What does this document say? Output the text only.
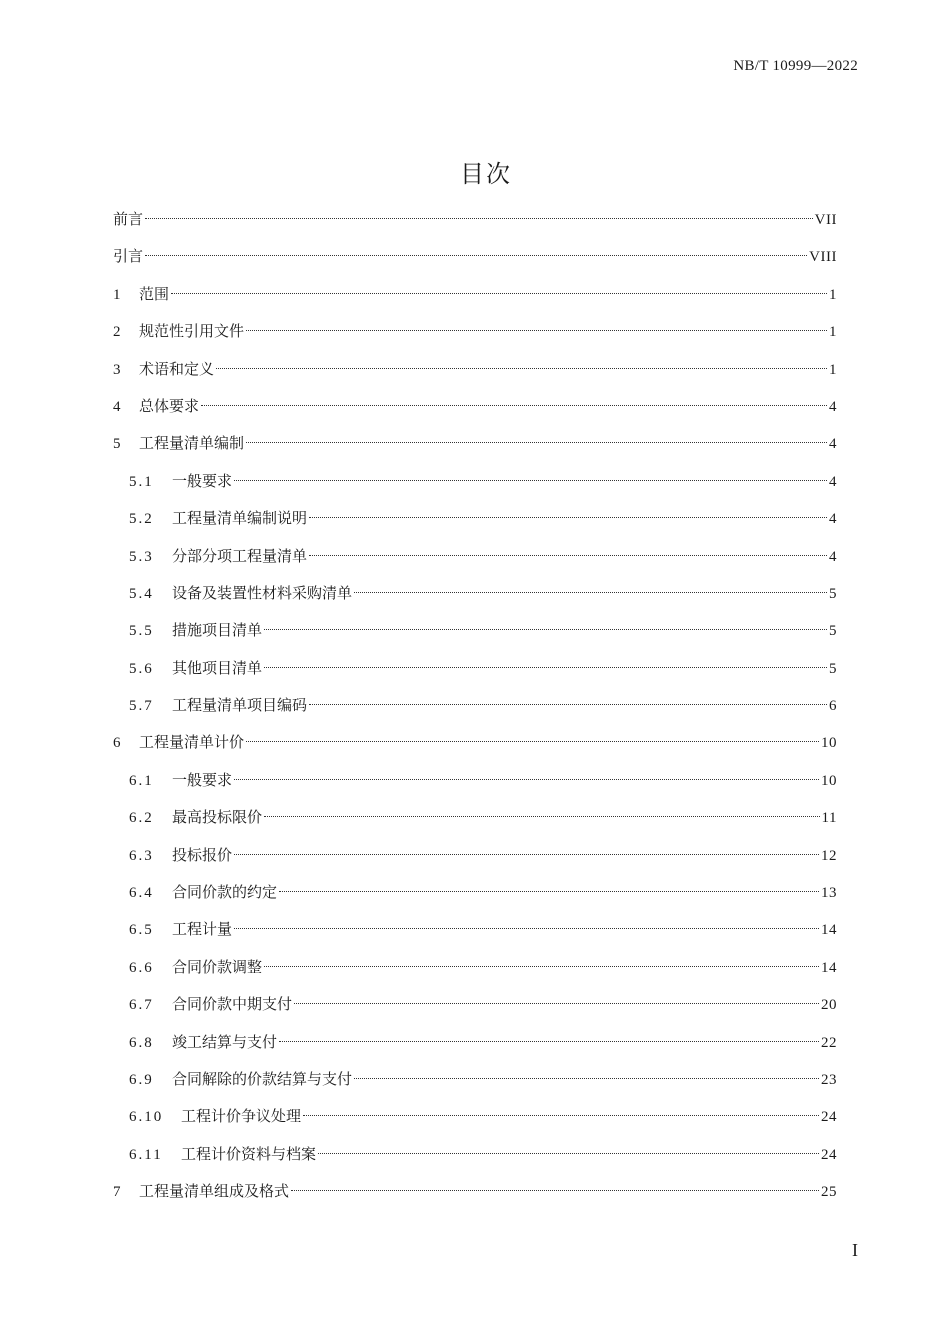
NB/T 10999—2022
目次
前言	VII
引言	VIII
1	范围	1
2	规范性引用文件	1
3	术语和定义	1
4	总体要求	4
5	工程量清单编制	4
5.1	一般要求	4
5.2	工程量清单编制说明	4
5.3	分部分项工程量清单	4
5.4	设备及装置性材料采购清单	5
5.5	措施项目清单	5
5.6	其他项目清单	5
5.7	工程量清单项目编码	6
6	工程量清单计价	10
6.1	一般要求	10
6.2	最高投标限价	11
6.3	投标报价	12
6.4	合同价款的约定	13
6.5	工程计量	14
6.6	合同价款调整	14
6.7	合同价款中期支付	20
6.8	竣工结算与支付	22
6.9	合同解除的价款结算与支付	23
6.10	工程计价争议处理	24
6.11	工程计价资料与档案	24
7	工程量清单组成及格式	25
I
